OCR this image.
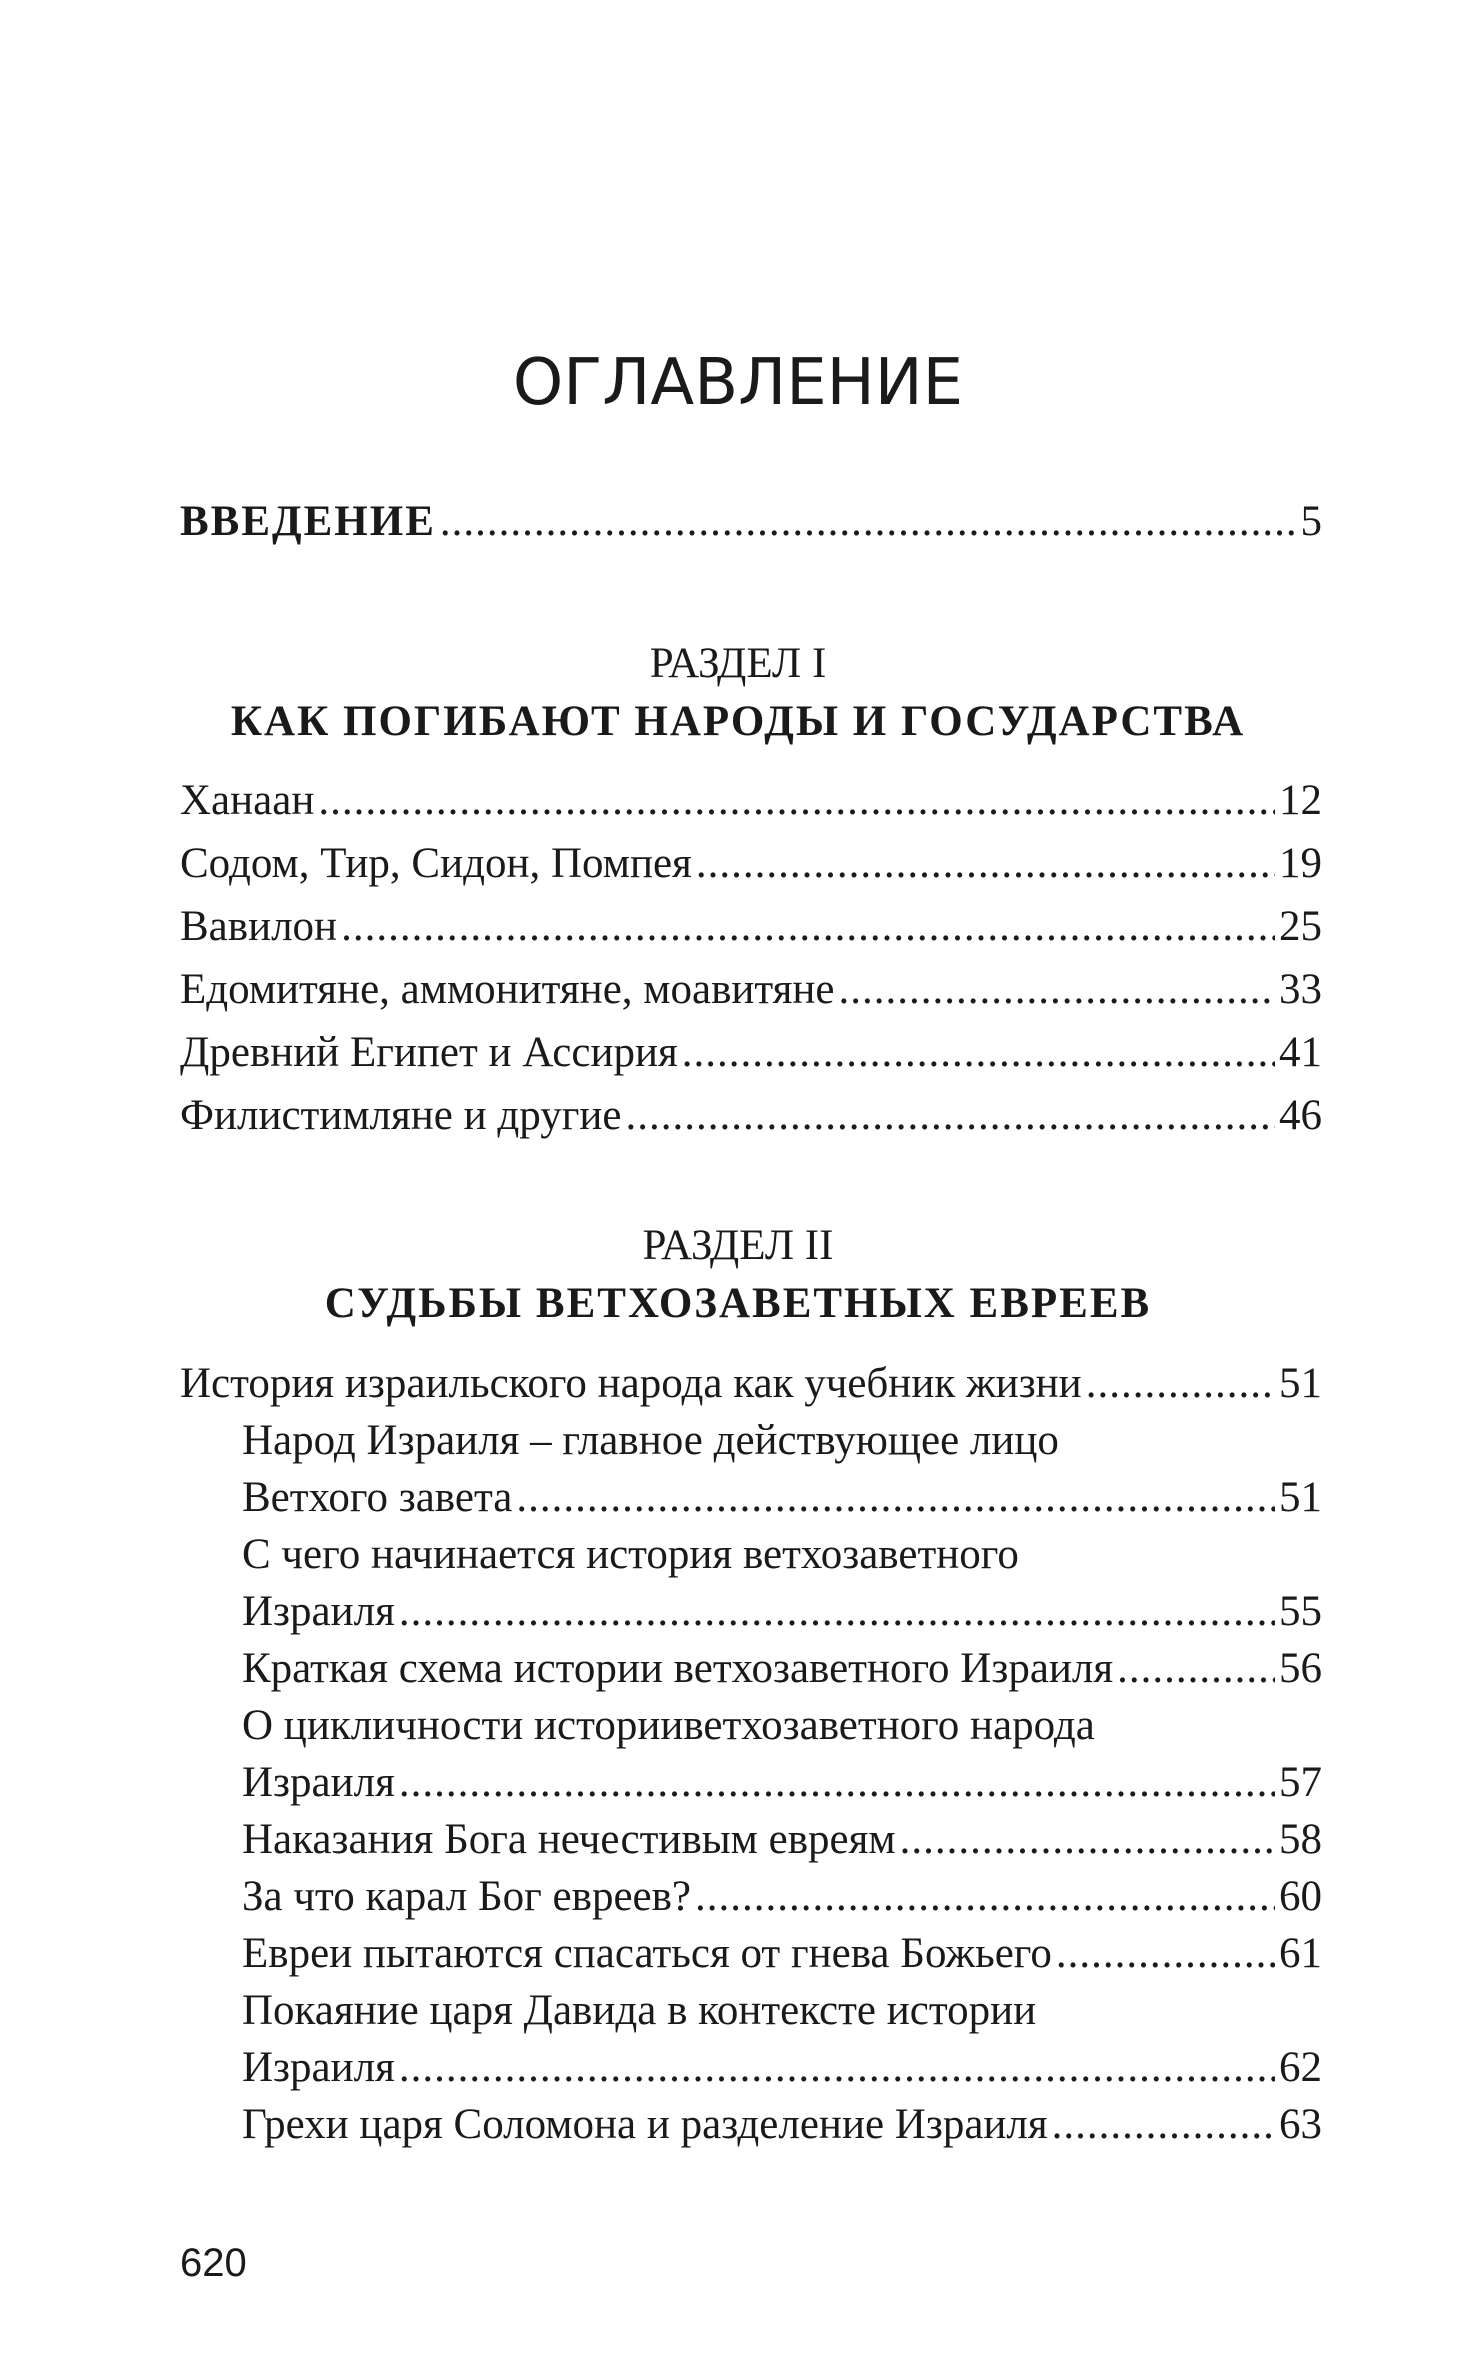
ОГЛАВЛЕНИЕ
ВВЕДЕНИЕ .....	5
РАЗДЕЛ I
КАК ПОГИБАЮТ НАРОДЫ И ГОСУДАРСТВА
Ханаан .....	12
Содом, Тир, Сидон, Помпея .....	19
Вавилон .....	25
Едомитяне, аммонитяне, моавитяне .....	33
Древний Египет и Ассирия .....	41
Филистимляне и другие .....	46
РАЗДЕЛ II
СУДЬБЫ ВЕТХОЗАВЕТНЫХ ЕВРЕЕВ
История израильского народа как учебник жизни .....	51
Народ Израиля – главное действующее лицо
Ветхого завета .....	51
С чего начинается история ветхозаветного
Израиля .....	55
Краткая схема истории ветхозаветного Израиля .....	56
О цикличности историиветхозаветного народа
Израиля .....	57
Наказания Бога нечестивым евреям .....	58
За что карал Бог евреев? .....	60
Евреи пытаются спасаться от гнева Божьего .....	61
Покаяние царя Давида в контексте истории
Израиля .....	62
Грехи царя Соломона и разделение Израиля .....	63
620
